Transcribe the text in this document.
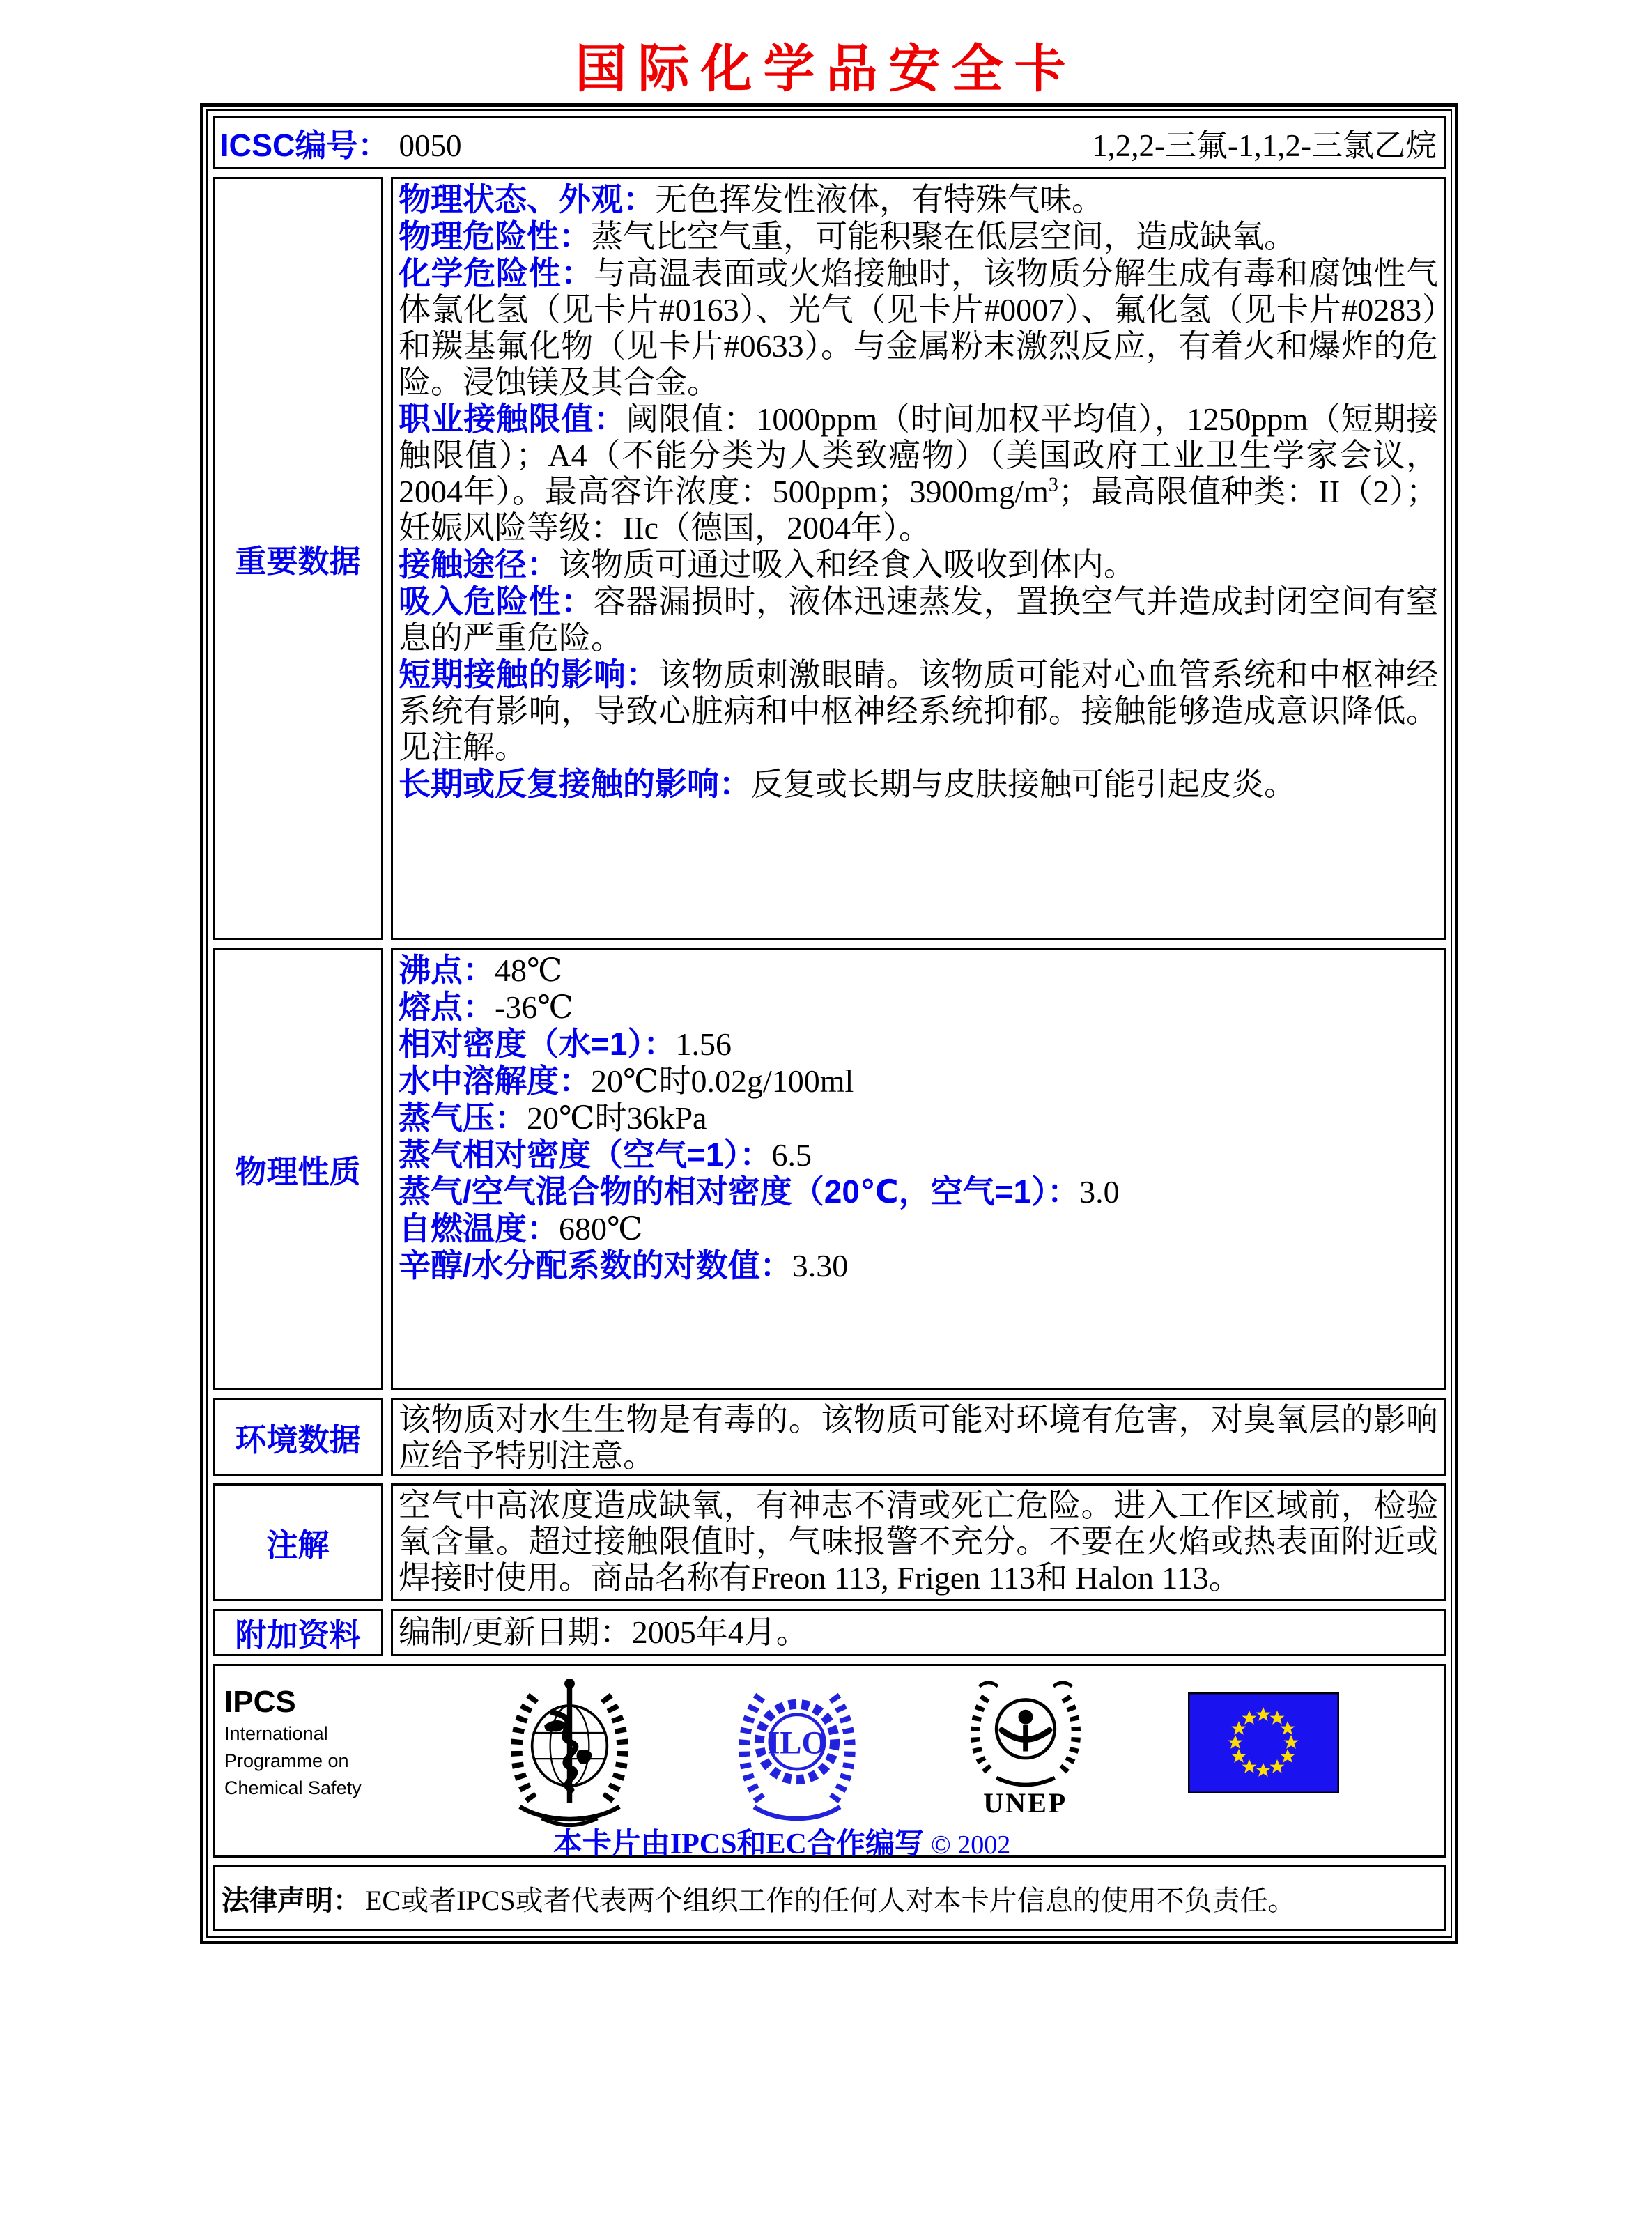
国际化学品安全卡
ICSC编号： 0050	1,2,2-三氟-1,1,2-三氯乙烷
重要数据

物理状态、外观：无色挥发性液体，有特殊气味。

物理危险性：蒸气比空气重，可能积聚在低层空间，造成缺氧。

化学危险性：与高温表面或火焰接触时，该物质分解生成有毒和腐蚀性气体氯化氢（见卡片#0163）、光气（见卡片#0007）、氟化氢（见卡片#0283）和羰基氟化物（见卡片#0633）。与金属粉末激烈反应，有着火和爆炸的危险。浸蚀镁及其合金。

职业接触限值：阈限值：1000ppm（时间加权平均值），1250ppm（短期接触限值）；A4（不能分类为人类致癌物）（美国政府工业卫生学家会议，2004年）。最高容许浓度：500ppm；$3900mg/m^3$；最高限值种类：II（2）；妊娠风险等级：IIc（德国，2004年）。

接触途径：该物质可通过吸入和经食入吸收到体内。

吸入危险性：容器漏损时，液体迅速蒸发，置换空气并造成封闭空间有窒息的严重危险。

短期接触的影响：该物质刺激眼睛。该物质可能对心血管系统和中枢神经系统有影响，导致心脏病和中枢神经系统抑郁。接触能够造成意识降低。见注解。

长期或反复接触的影响：反复或长期与皮肤接触可能引起皮炎。

物理性质

沸点：48℃

熔点：-36℃

相对密度（水=1）：1.56

水中溶解度：20℃时0.02g/100ml

蒸气压：20℃时36kPa

蒸气相对密度（空气=1）：6.5

蒸气/空气混合物的相对密度（20℃，空气=1）：3.0

自燃温度：680℃

辛醇/水分配系数的对数值：3.30

环境数据
该物质对水生生物是有毒的。该物质可能对环境有危害，对臭氧层的影响应给予特别注意。
注解
空气中高浓度造成缺氧，有神志不清或死亡危险。进入工作区域前，检验氧含量。超过接触限值时，气味报警不充分。不要在火焰或热表面附近或焊接时使用。商品名称有Freon 113, Frigen 113和 Halon 113。
附加资料	编制/更新日期：2005年4月。
IPCS
International
Programme on
Chemical Safety
ILO
UNEP
本卡片由IPCS和EC合作编写 © 2002
法律声明： EC或者IPCS或者代表两个组织工作的任何人对本卡片信息的使用不负责任。
